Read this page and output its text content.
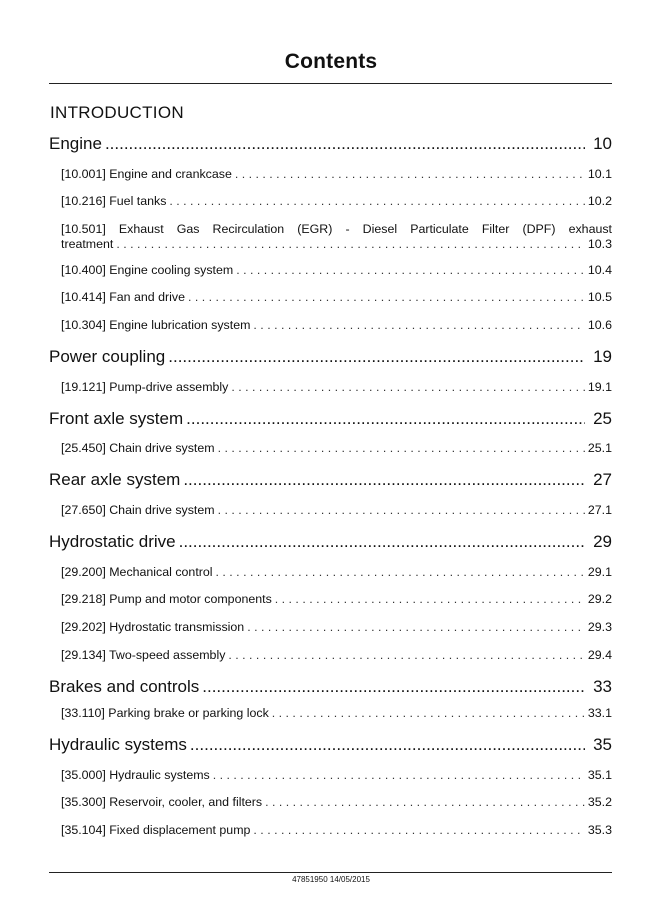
Contents
INTRODUCTION
Engine .....	10
[10.001] Engine and crankcase . . .	10.1
[10.216] Fuel tanks . . .	10.2
[10.501] Exhaust Gas Recirculation (EGR) - Diesel Particulate Filter (DPF) exhaust
treatment . . .	10.3
[10.400] Engine cooling system . . .	10.4
[10.414] Fan and drive . . .	10.5
[10.304] Engine lubrication system . . .	10.6
Power coupling .....	19
[19.121] Pump-drive assembly . . .	19.1
Front axle system .....	25
[25.450] Chain drive system . . .	25.1
Rear axle system .....	27
[27.650] Chain drive system . . .	27.1
Hydrostatic drive .....	29
[29.200] Mechanical control . . .	29.1
[29.218] Pump and motor components . . .	29.2
[29.202] Hydrostatic transmission . . .	29.3
[29.134] Two-speed assembly . . .	29.4
Brakes and controls .....	33
[33.110] Parking brake or parking lock . . .	33.1
Hydraulic systems .....	35
[35.000] Hydraulic systems . . .	35.1
[35.300] Reservoir, cooler, and filters . . .	35.2
[35.104] Fixed displacement pump . . .	35.3
47851950 14/05/2015
